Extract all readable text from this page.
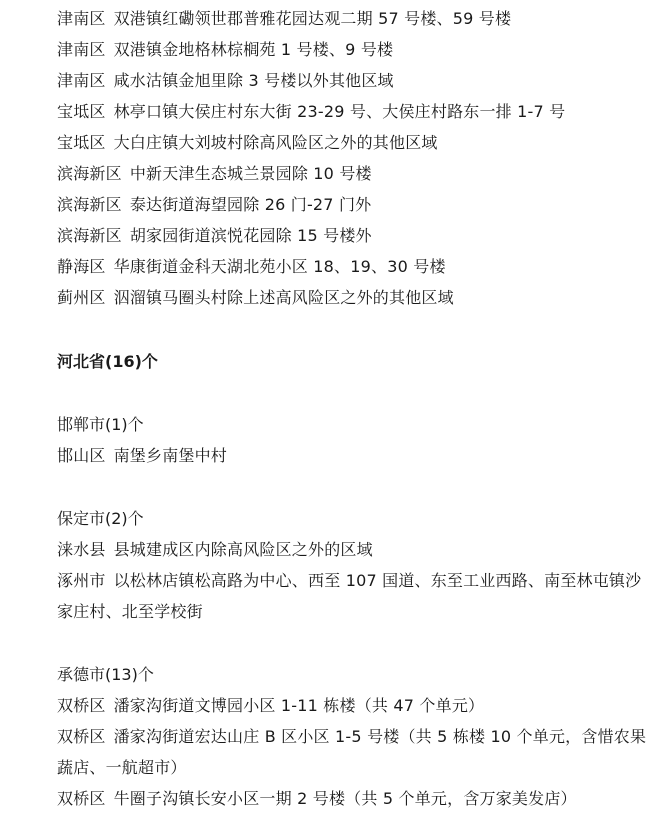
津南区 双港镇红磡领世郡普雅花园达观二期 57 号楼、59 号楼
津南区 双港镇金地格林棕榈苑 1 号楼、9 号楼
津南区 咸水沽镇金旭里除 3 号楼以外其他区域
宝坻区 林亭口镇大侯庄村东大街 23-29 号、大侯庄村路东一排 1-7 号
宝坻区 大白庄镇大刘坡村除高风险区之外的其他区域
滨海新区 中新天津生态城兰景园除 10 号楼
滨海新区 泰达街道海望园除 26 门-27 门外
滨海新区 胡家园街道滨悦花园除 15 号楼外
静海区 华康街道金科天湖北苑小区 18、19、30 号楼
蓟州区 泅溜镇马圈头村除上述高风险区之外的其他区域
河北省(16)个
邯郸市(1)个
邯山区 南堡乡南堡中村
保定市(2)个
涞水县 县城建成区内除高风险区之外的区域
涿州市 以松林店镇松高路为中心、西至 107 国道、东至工业西路、南至林屯镇沙家庄村、北至学校街
承德市(13)个
双桥区 潘家沟街道文博园小区 1-11 栋楼（共 47 个单元）
双桥区 潘家沟街道宏达山庄 B 区小区 1-5 号楼（共 5 栋楼 10 个单元，含惜农果蔬店、一航超市）
双桥区 牛圈子沟镇长安小区一期 2 号楼（共 5 个单元，含万家美发店）
